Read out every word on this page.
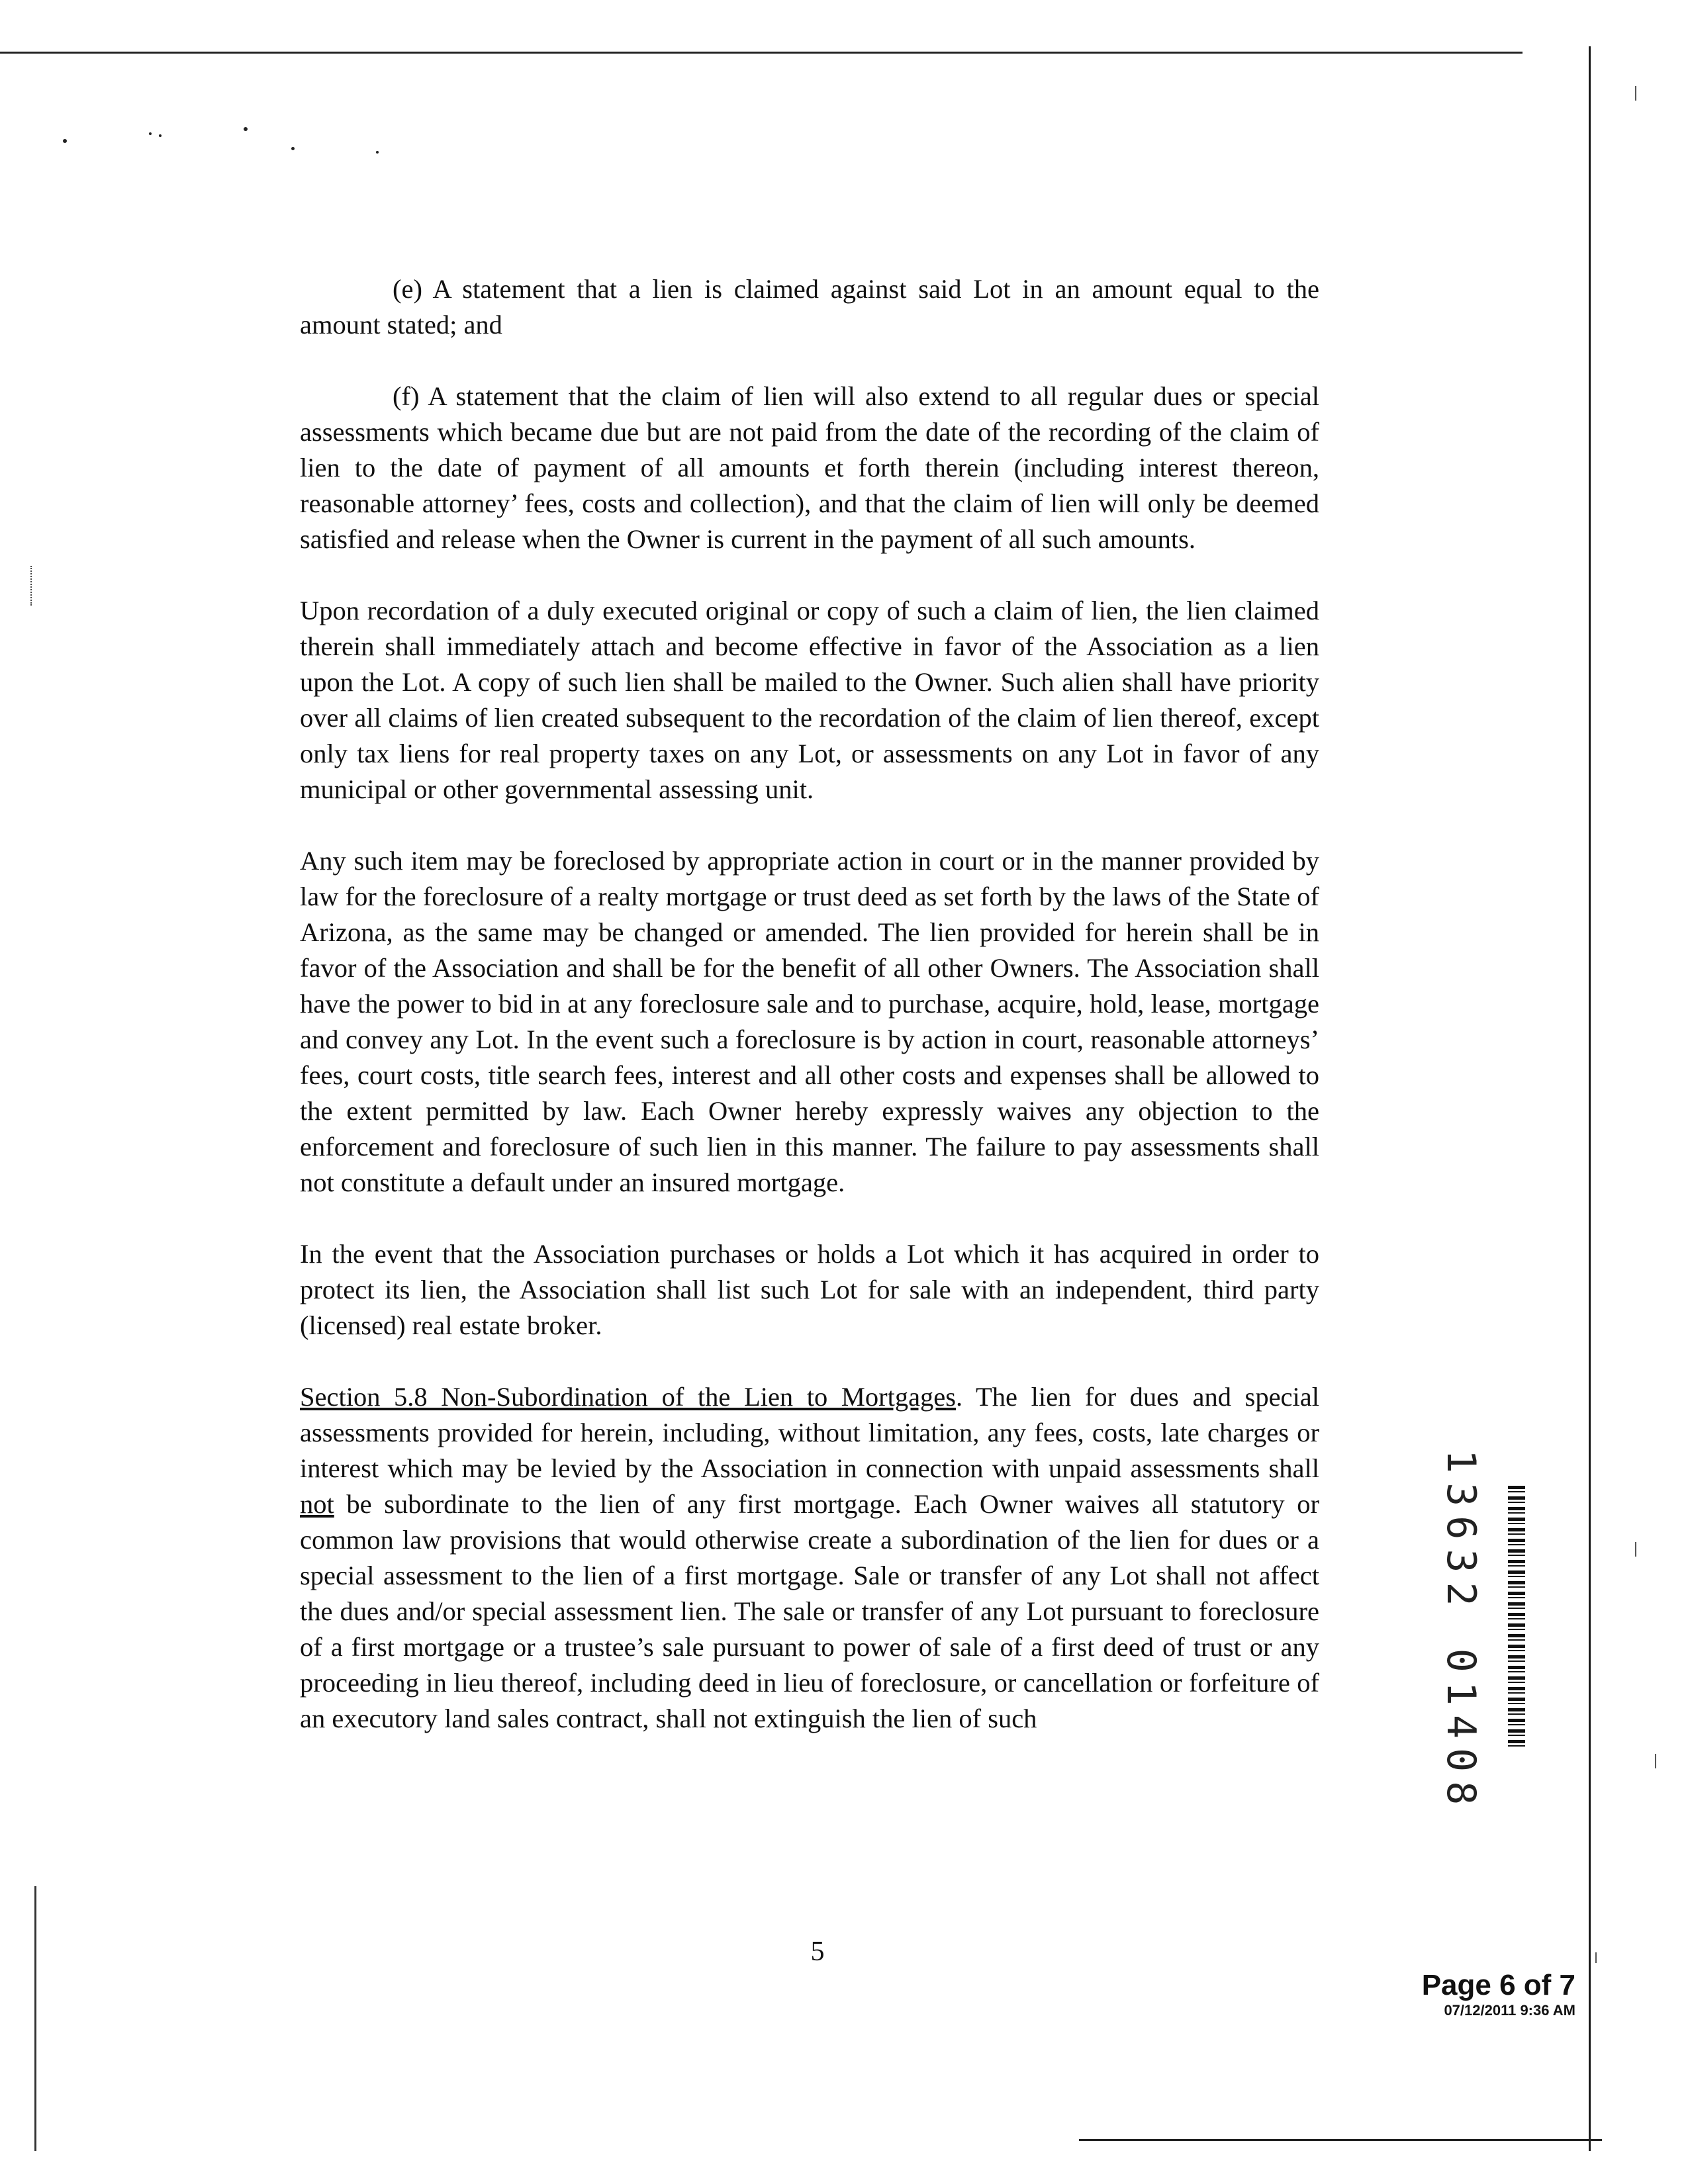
(e) A statement that a lien is claimed against said Lot in an amount equal to the amount stated; and

(f) A statement that the claim of lien will also extend to all regular dues or special assessments which became due but are not paid from the date of the recording of the claim of lien to the date of payment of all amounts et forth therein (including interest thereon, reasonable attorney’ fees, costs and collection), and that the claim of lien will only be deemed satisfied and release when the Owner is current in the payment of all such amounts.

Upon recordation of a duly executed original or copy of such a claim of lien, the lien claimed therein shall immediately attach and become effective in favor of the Association as a lien upon the Lot. A copy of such lien shall be mailed to the Owner. Such alien shall have priority over all claims of lien created subsequent to the recordation of the claim of lien thereof, except only tax liens for real property taxes on any Lot, or assessments on any Lot in favor of any municipal or other governmental assessing unit.

Any such item may be foreclosed by appropriate action in court or in the manner provided by law for the foreclosure of a realty mortgage or trust deed as set forth by the laws of the State of Arizona, as the same may be changed or amended. The lien provided for herein shall be in favor of the Association and shall be for the benefit of all other Owners. The Association shall have the power to bid in at any foreclosure sale and to purchase, acquire, hold, lease, mortgage and convey any Lot. In the event such a foreclosure is by action in court, reasonable attorneys’ fees, court costs, title search fees, interest and all other costs and expenses shall be allowed to the extent permitted by law. Each Owner hereby expressly waives any objection to the enforcement and foreclosure of such lien in this manner. The failure to pay assessments shall not constitute a default under an insured mortgage.

In the event that the Association purchases or holds a Lot which it has acquired in order to protect its lien, the Association shall list such Lot for sale with an independent, third party (licensed) real estate broker.

Section 5.8 Non-Subordination of the Lien to Mortgages. The lien for dues and special assessments provided for herein, including, without limitation, any fees, costs, late charges or interest which may be levied by the Association in connection with unpaid assessments shall not be subordinate to the lien of any first mortgage. Each Owner waives all statutory or common law provisions that would otherwise create a subordination of the lien for dues or a special assessment to the lien of a first mortgage. Sale or transfer of any Lot shall not affect the dues and/or special assessment lien. The sale or transfer of any Lot pursuant to foreclosure of a first mortgage or a trustee’s sale pursuant to power of sale of a first deed of trust or any proceeding in lieu thereof, including deed in lieu of foreclosure, or cancellation or forfeiture of an executory land sales contract, shall not extinguish the lien of such

5
13632 01408
Page 6 of 7
07/12/2011 9:36 AM
